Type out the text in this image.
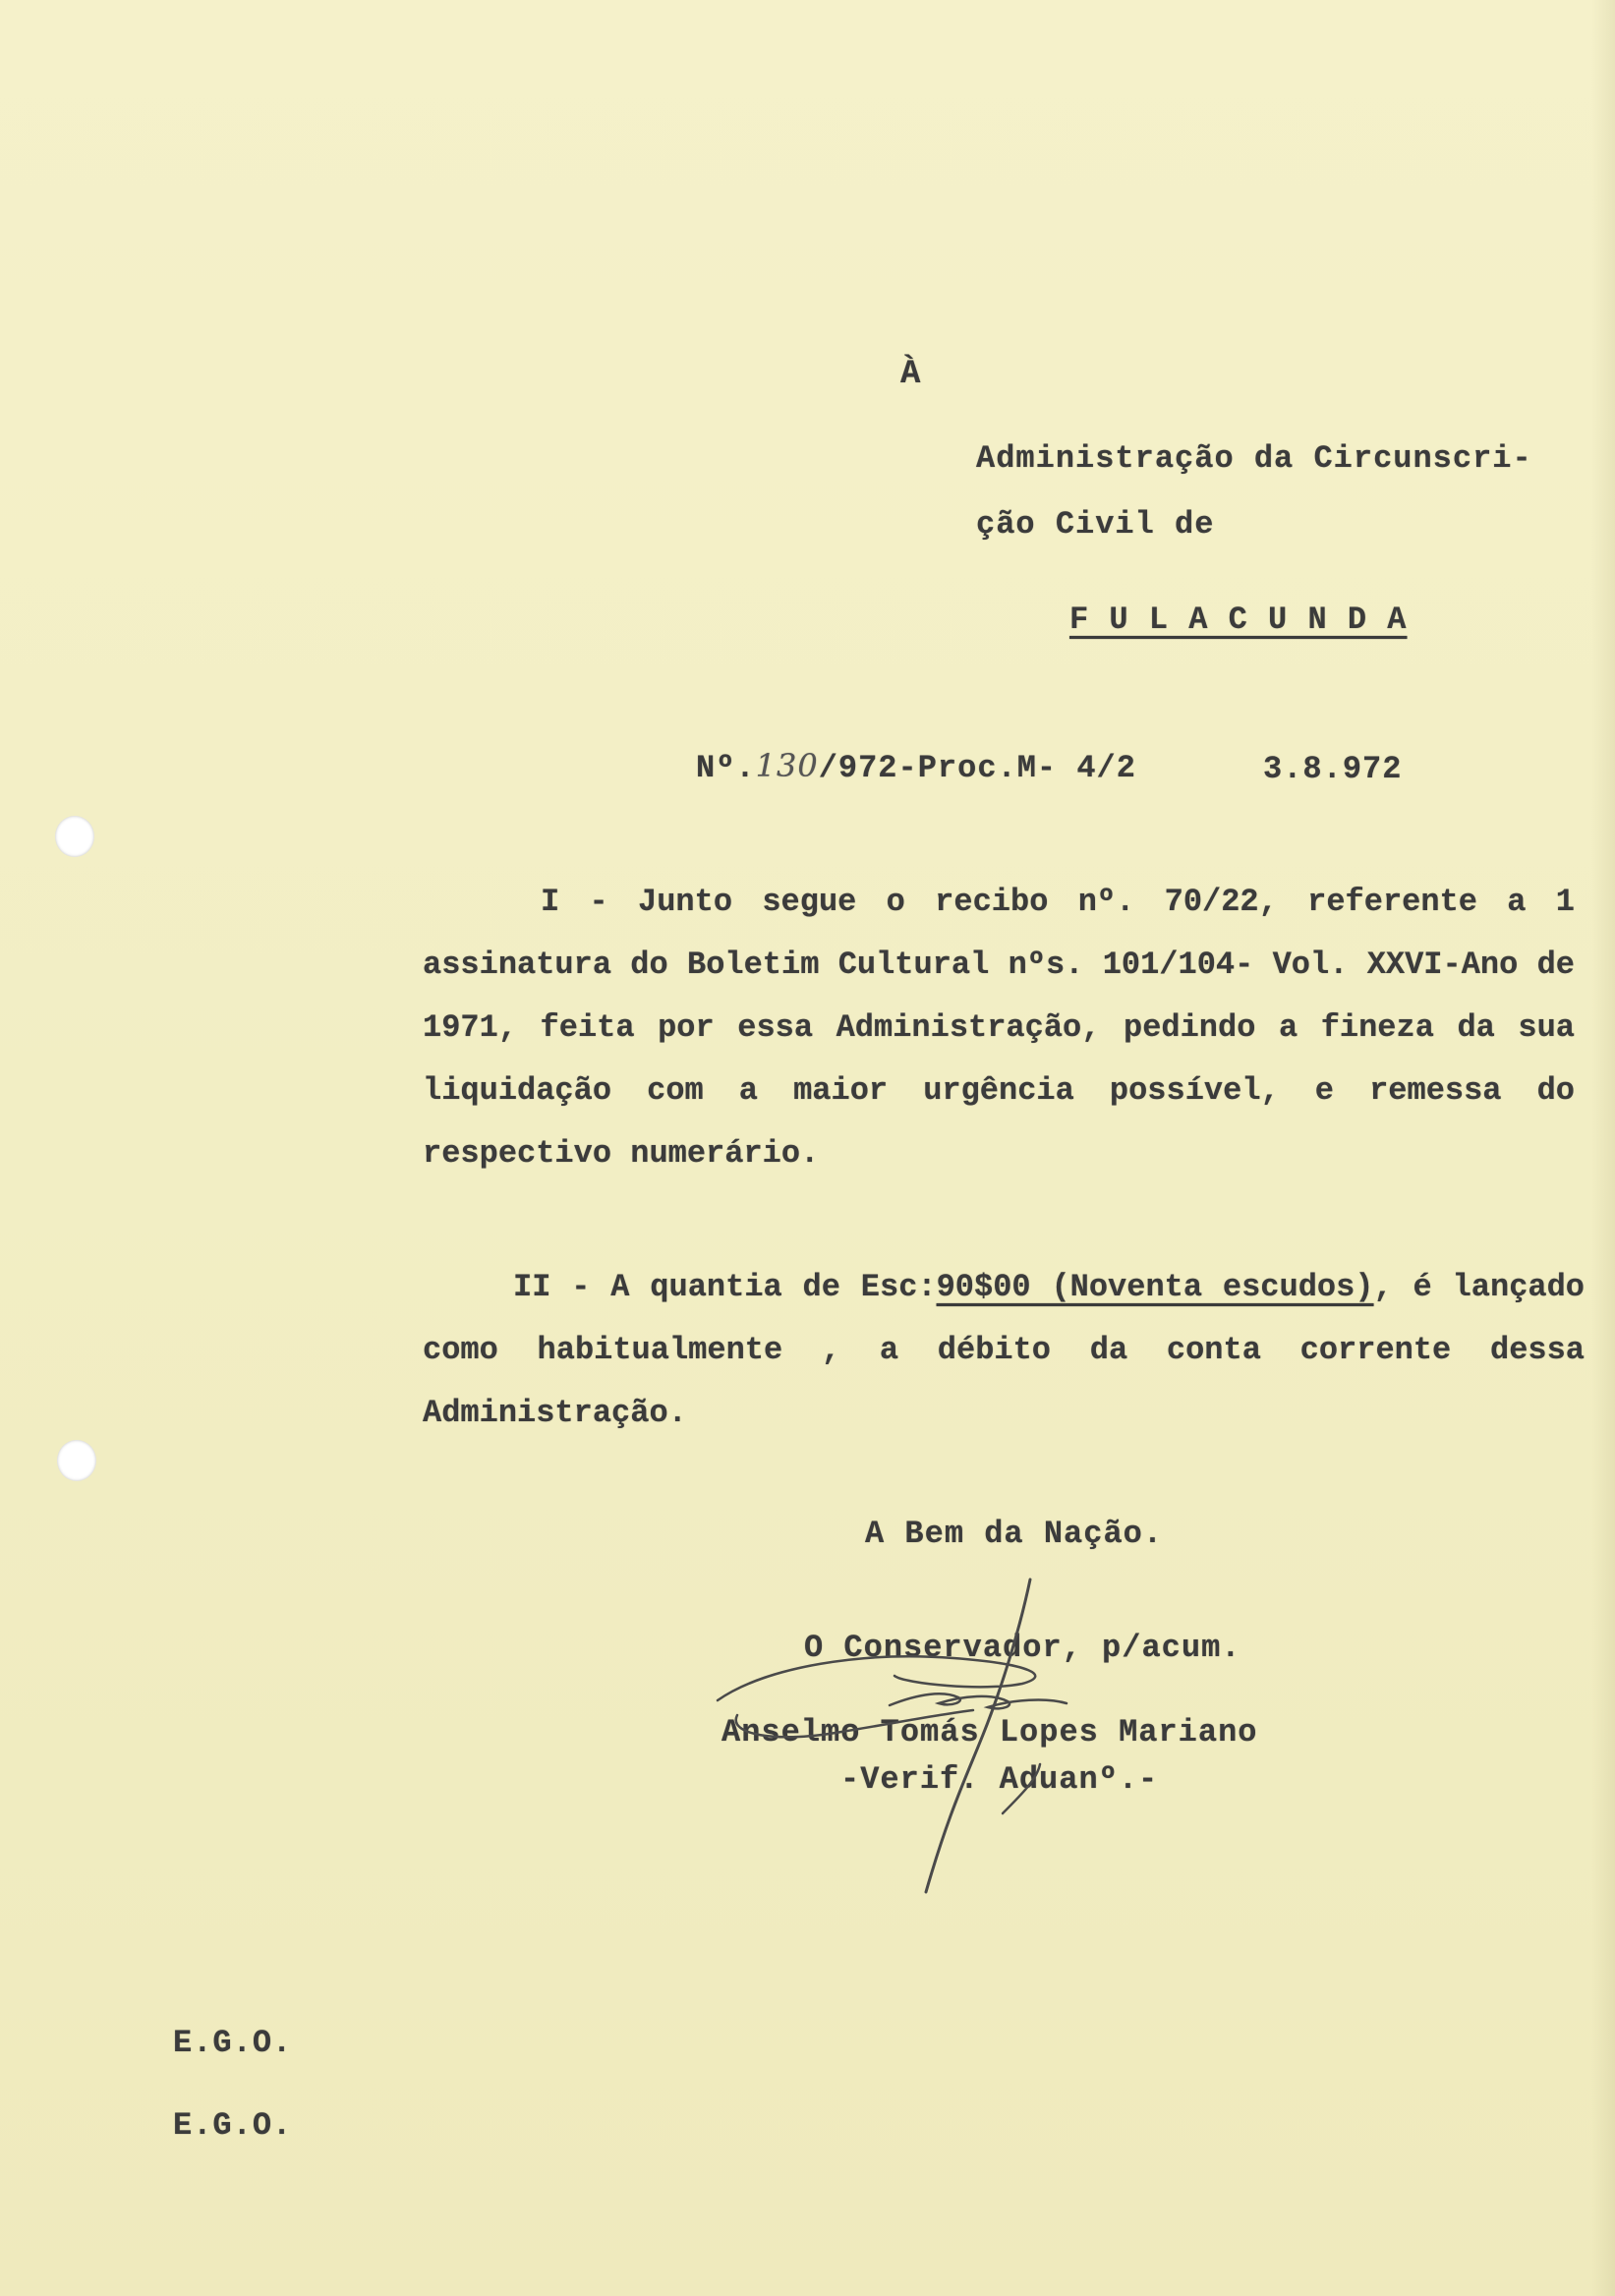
À
Administração da Circunscri-
ção Civil de
F U L A C U N D A
Nº.130/972-Proc.M- 4/2	3.8.972
I - Junto segue o recibo nº. 70/22, referente a 1 assinatura do Boletim Cultural nºs. 101/104- Vol. XXVI-Ano de 1971, feita por essa Administração, pedindo a fineza da sua liquidação com a maior urgência possível, e remessa do respectivo numerário.
II - A quantia de Esc:90$00 (Noventa escudos), é lançado como habitualmente , a débito da conta corrente dessa Administração.
A Bem da Nação.
O Conservador, p/acum.
Anselmo Tomás Lopes Mariano
-Verif. Aduanº.-
E.G.O.
E.G.O.
